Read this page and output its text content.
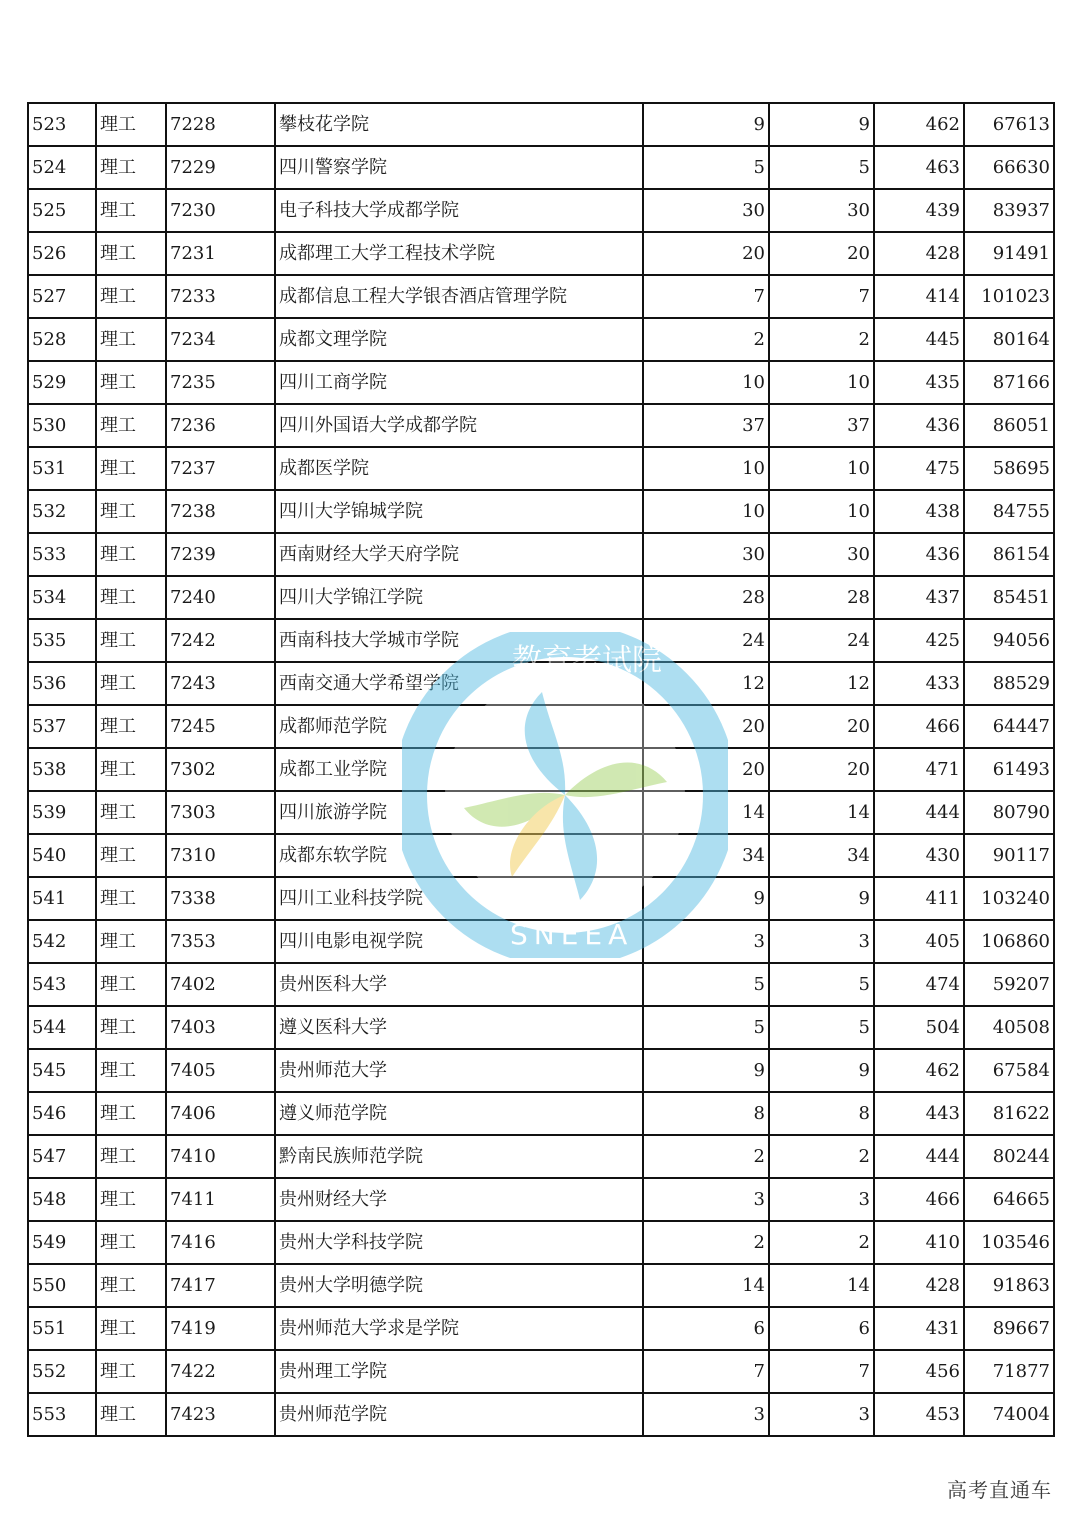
523	理工	7228	攀枝花学院	9	9	462	67613
524	理工	7229	四川警察学院	5	5	463	66630
525	理工	7230	电子科技大学成都学院	30	30	439	83937
526	理工	7231	成都理工大学工程技术学院	20	20	428	91491
527	理工	7233	成都信息工程大学银杏酒店管理学院	7	7	414	101023
528	理工	7234	成都文理学院	2	2	445	80164
529	理工	7235	四川工商学院	10	10	435	87166
530	理工	7236	四川外国语大学成都学院	37	37	436	86051
531	理工	7237	成都医学院	10	10	475	58695
532	理工	7238	四川大学锦城学院	10	10	438	84755
533	理工	7239	西南财经大学天府学院	30	30	436	86154
534	理工	7240	四川大学锦江学院	28	28	437	85451
535	理工	7242	西南科技大学城市学院	24	24	425	94056
536	理工	7243	西南交通大学希望学院	12	12	433	88529
537	理工	7245	成都师范学院	20	20	466	64447
538	理工	7302	成都工业学院	20	20	471	61493
539	理工	7303	四川旅游学院	14	14	444	80790
540	理工	7310	成都东软学院	34	34	430	90117
541	理工	7338	四川工业科技学院	9	9	411	103240
542	理工	7353	四川电影电视学院	3	3	405	106860
543	理工	7402	贵州医科大学	5	5	474	59207
544	理工	7403	遵义医科大学	5	5	504	40508
545	理工	7405	贵州师范大学	9	9	462	67584
546	理工	7406	遵义师范学院	8	8	443	81622
547	理工	7410	黔南民族师范学院	2	2	444	80244
548	理工	7411	贵州财经大学	3	3	466	64665
549	理工	7416	贵州大学科技学院	2	2	410	103546
550	理工	7417	贵州大学明德学院	14	14	428	91863
551	理工	7419	贵州师范大学求是学院	6	6	431	89667
552	理工	7422	贵州理工学院	7	7	456	71877
553	理工	7423	贵州师范学院	3	3	453	74004
教育考试院
SNEEA
高考直通车
